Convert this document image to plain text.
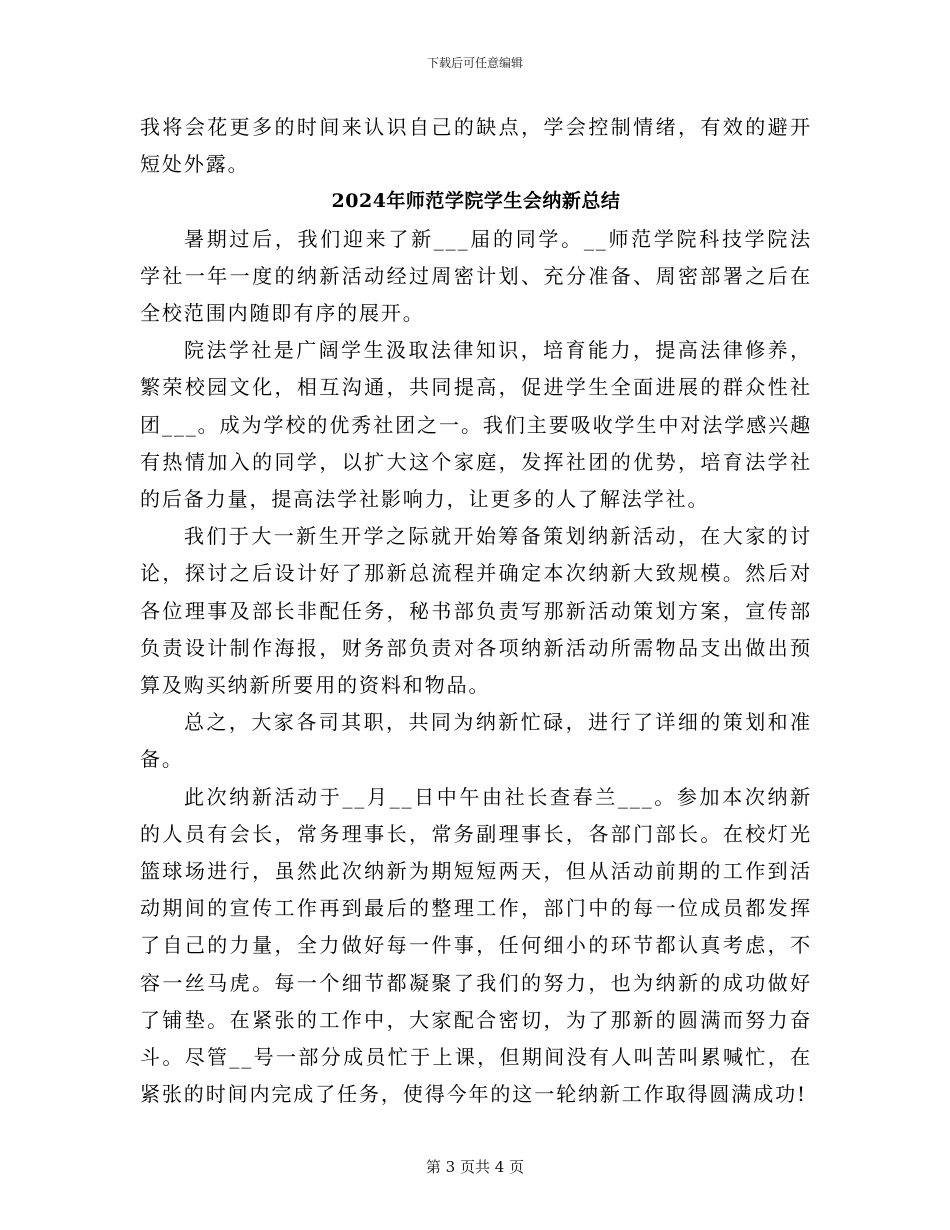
下载后可任意编辑

我将会花更多的时间来认识自己的缺点，学会控制情绪，有效的避开短处外露。

2024年师范学院学生会纳新总结

暑期过后，我们迎来了新___届的同学。__师范学院科技学院法学社一年一度的纳新活动经过周密计划、充分准备、周密部署之后在全校范围内随即有序的展开。

院法学社是广阔学生汲取法律知识，培育能力，提高法律修养，繁荣校园文化，相互沟通，共同提高，促进学生全面进展的群众性社团___。成为学校的优秀社团之一。我们主要吸收学生中对法学感兴趣有热情加入的同学，以扩大这个家庭，发挥社团的优势，培育法学社的后备力量，提高法学社影响力，让更多的人了解法学社。

我们于大一新生开学之际就开始筹备策划纳新活动，在大家的讨论，探讨之后设计好了那新总流程并确定本次纳新大致规模。然后对各位理事及部长非配任务，秘书部负责写那新活动策划方案，宣传部负责设计制作海报，财务部负责对各项纳新活动所需物品支出做出预算及购买纳新所要用的资料和物品。

总之，大家各司其职，共同为纳新忙碌，进行了详细的策划和准备。

此次纳新活动于__月__日中午由社长查春兰___。参加本次纳新的人员有会长，常务理事长，常务副理事长，各部门部长。在校灯光篮球场进行，虽然此次纳新为期短短两天，但从活动前期的工作到活动期间的宣传工作再到最后的整理工作，部门中的每一位成员都发挥了自己的力量，全力做好每一件事，任何细小的环节都认真考虑，不容一丝马虎。每一个细节都凝聚了我们的努力，也为纳新的成功做好了铺垫。在紧张的工作中，大家配合密切，为了那新的圆满而努力奋斗。尽管__号一部分成员忙于上课，但期间没有人叫苦叫累喊忙，在紧张的时间内完成了任务，使得今年的这一轮纳新工作取得圆满成功!

第 3 页共 4 页
